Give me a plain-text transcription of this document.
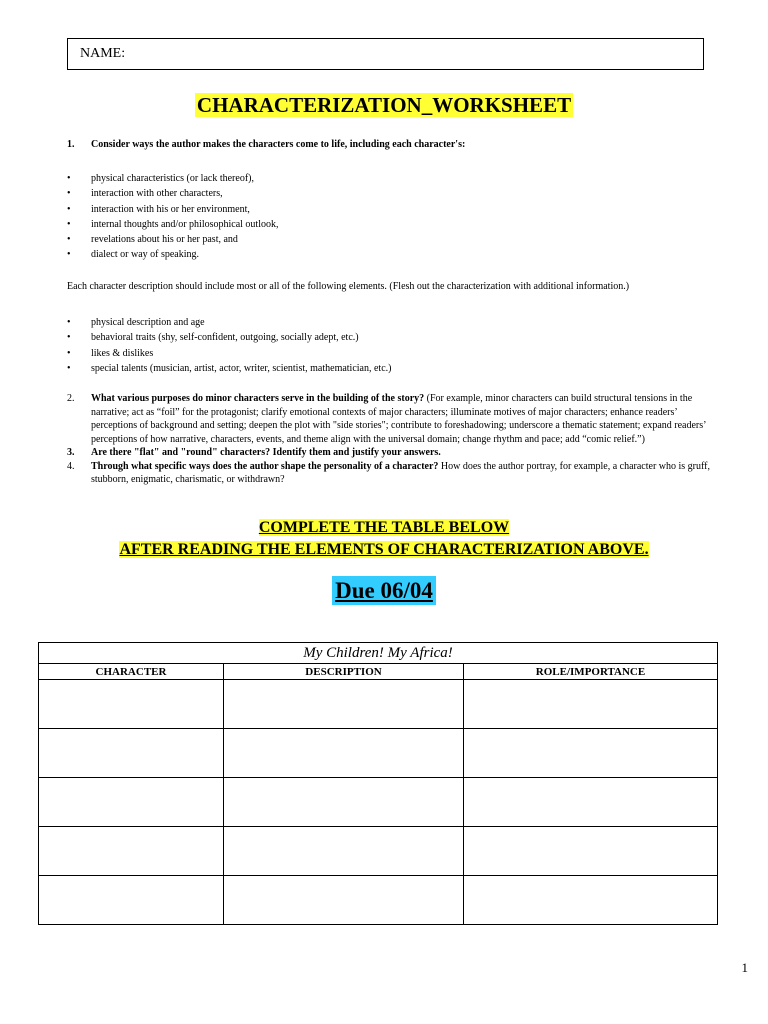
NAME:
CHARACTERIZATION_WORKSHEET
1. Consider ways the author makes the characters come to life, including each character's:
• physical characteristics (or lack thereof),
• interaction with other characters,
• interaction with his or her environment,
• internal thoughts and/or philosophical outlook,
• revelations about his or her past, and
• dialect or way of speaking.
Each character description should include most or all of the following elements. (Flesh out the characterization with additional information.)
• physical description and age
• behavioral traits (shy, self-confident, outgoing, socially adept, etc.)
• likes & dislikes
• special talents (musician, artist, actor, writer, scientist, mathematician, etc.)
2. What various purposes do minor characters serve in the building of the story? (For example, minor characters can build structural tensions in the narrative; act as “foil” for the protagonist; clarify emotional contexts of major characters; illuminate motives of major characters; enhance readers’ perceptions of background and setting; deepen the plot with "side stories"; contribute to foreshadowing; underscore a thematic statement; expand readers’ perceptions of how narrative, characters, events, and theme align with the universal domain; change rhythm and pace; add “comic relief.”)
3. Are there "flat" and "round" characters? Identify them and justify your answers.
4. Through what specific ways does the author shape the personality of a character? How does the author portray, for example, a character who is gruff, stubborn, enigmatic, charismatic, or withdrawn?
COMPLETE THE TABLE BELOW
AFTER READING THE ELEMENTS OF CHARACTERIZATION ABOVE.
Due 06/04
My Children! My Africa!		
CHARACTER	DESCRIPTION	ROLE/IMPORTANCE

1
